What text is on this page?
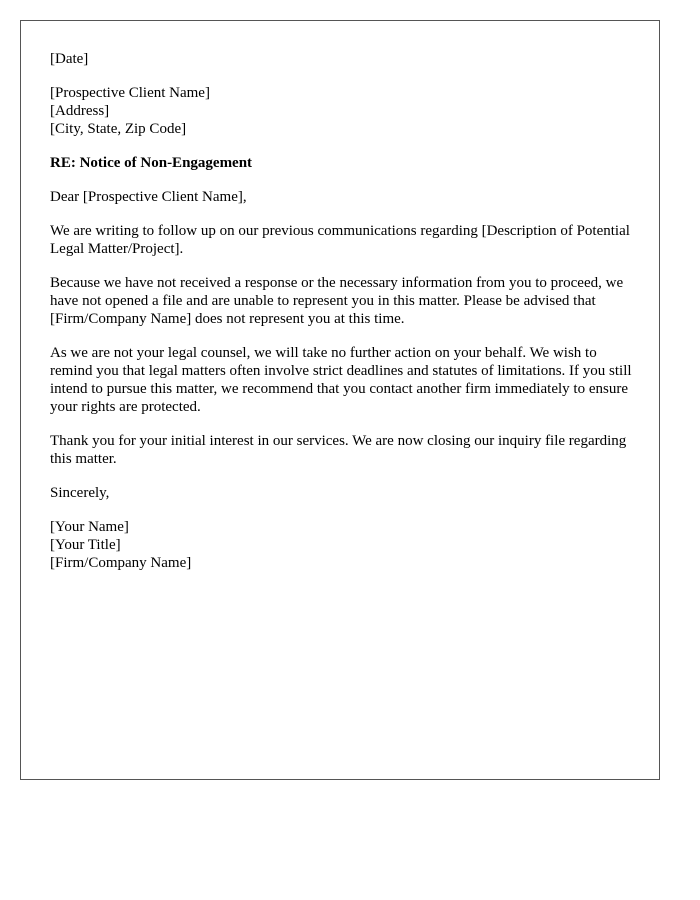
[Date]

[Prospective Client Name]
[Address]
[City, State, Zip Code]

RE: Notice of Non-Engagement

Dear [Prospective Client Name],

We are writing to follow up on our previous communications regarding [Description of Potential Legal Matter/Project].

Because we have not received a response or the necessary information from you to proceed, we have not opened a file and are unable to represent you in this matter. Please be advised that [Firm/Company Name] does not represent you at this time.

As we are not your legal counsel, we will take no further action on your behalf. We wish to remind you that legal matters often involve strict deadlines and statutes of limitations. If you still intend to pursue this matter, we recommend that you contact another firm immediately to ensure your rights are protected.

Thank you for your initial interest in our services. We are now closing our inquiry file regarding this matter.

Sincerely,

[Your Name]
[Your Title]
[Firm/Company Name]
